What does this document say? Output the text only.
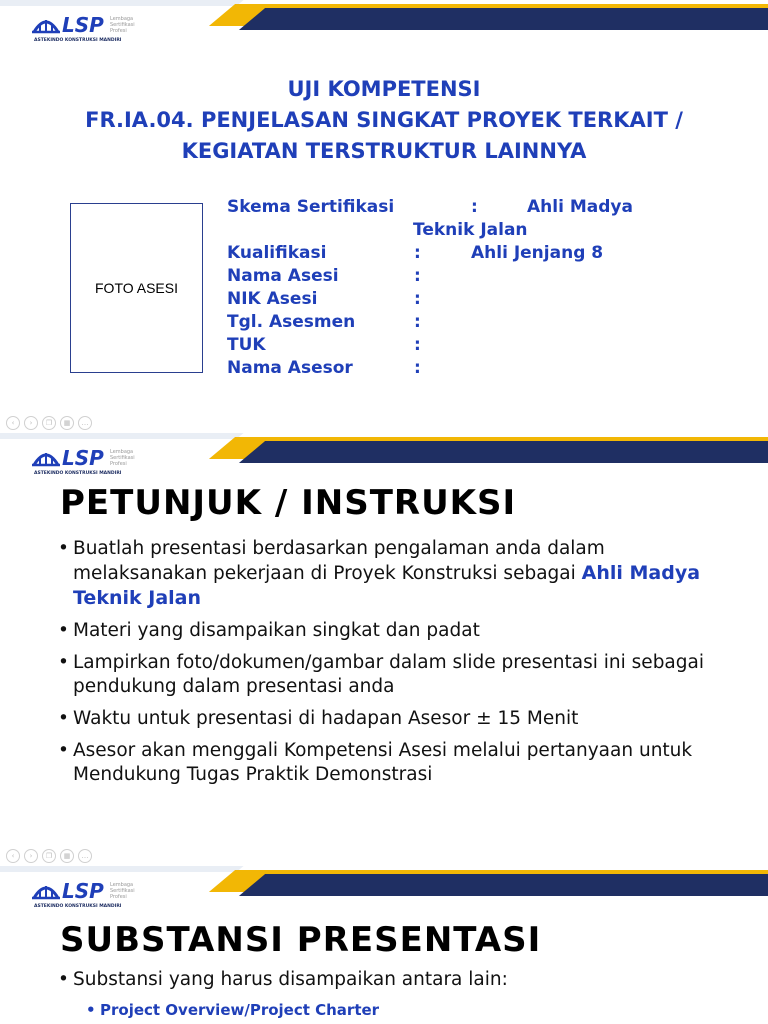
LSP Lembaga
Sertifikasi
Profesi
ASTEKINDO KONSTRUKSI MANDIRI
UJI KOMPETENSI
FR.IA.04. PENJELASAN SINGKAT PROYEK TERKAIT /
KEGIATAN TERSTRUKTUR LAINNYA
FOTO ASESI
Skema Sertifikasi	:	Ahli Madya
Teknik Jalan
Kualifikasi	:	Ahli Jenjang 8
Nama Asesi	:
NIK Asesi	:
Tgl. Asesmen	:
TUK	:
Nama Asesor	:
‹	›	❐	▦	…
LSP Lembaga
Sertifikasi
Profesi
ASTEKINDO KONSTRUKSI MANDIRI
PETUNJUK / INSTRUKSI
• Buatlah presentasi berdasarkan pengalaman anda dalam melaksanakan pekerjaan di Proyek Konstruksi sebagai Ahli Madya Teknik Jalan
• Materi yang disampaikan singkat dan padat
• Lampirkan foto/dokumen/gambar dalam slide presentasi ini sebagai pendukung dalam presentasi anda
• Waktu untuk presentasi di hadapan Asesor ± 15 Menit
• Asesor akan menggali Kompetensi Asesi melalui pertanyaan untuk Mendukung Tugas Praktik Demonstrasi
‹	›	❐	▦	…
LSP Lembaga
Sertifikasi
Profesi
ASTEKINDO KONSTRUKSI MANDIRI
SUBSTANSI PRESENTASI
• Substansi yang harus disampaikan antara lain:
• Project Overview/Project Charter
